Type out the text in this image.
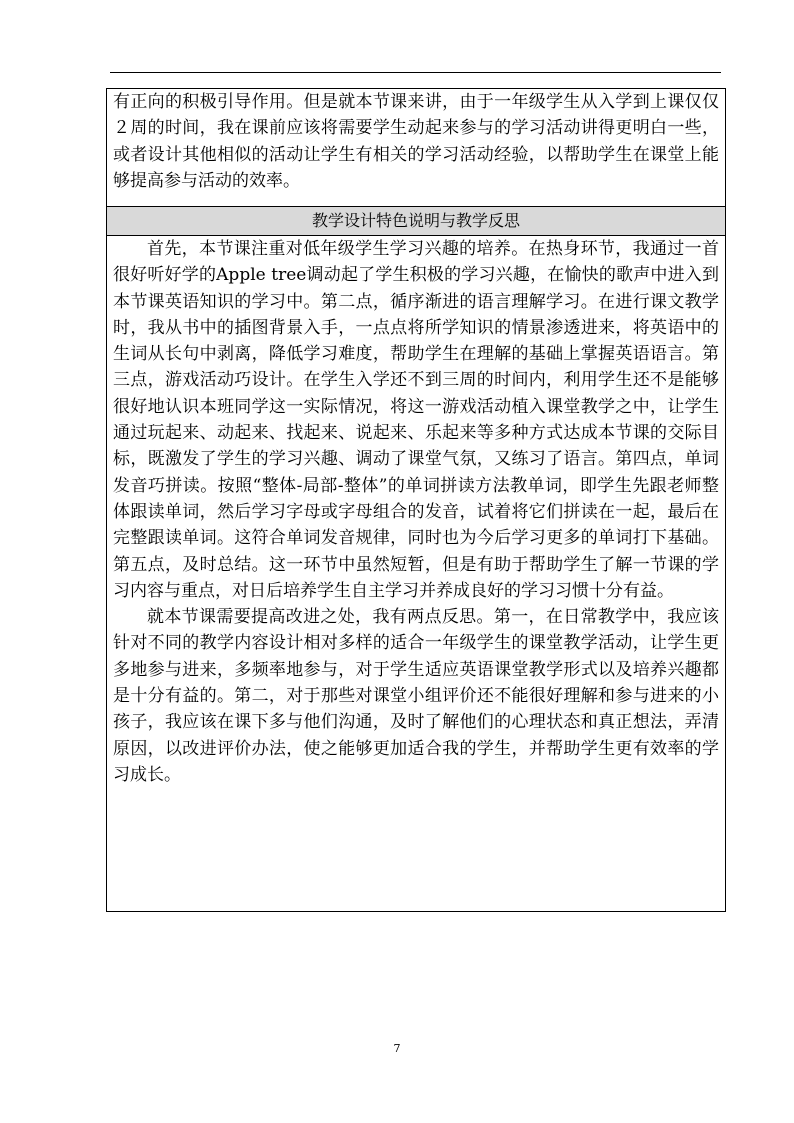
有正向的积极引导作用。但是就本节课来讲，由于一年级学生从入学到上课仅仅２周的时间，我在课前应该将需要学生动起来参与的学习活动讲得更明白一些，或者设计其他相似的活动让学生有相关的学习活动经验，以帮助学生在课堂上能够提高参与活动的效率。

教学设计特色说明与教学反思

首先，本节课注重对低年级学生学习兴趣的培养。在热身环节，我通过一首很好听好学的Apple tree调动起了学生积极的学习兴趣，在愉快的歌声中进入到本节课英语知识的学习中。第二点，循序渐进的语言理解学习。在进行课文教学时，我从书中的插图背景入手，一点点将所学知识的情景渗透进来，将英语中的生词从长句中剥离，降低学习难度，帮助学生在理解的基础上掌握英语语言。第三点，游戏活动巧设计。在学生入学还不到三周的时间内，利用学生还不是能够很好地认识本班同学这一实际情况，将这一游戏活动植入课堂教学之中，让学生通过玩起来、动起来、找起来、说起来、乐起来等多种方式达成本节课的交际目标，既激发了学生的学习兴趣、调动了课堂气氛，又练习了语言。第四点，单词发音巧拼读。按照“整体-局部-整体”的单词拼读方法教单词，即学生先跟老师整体跟读单词，然后学习字母或字母组合的发音，试着将它们拼读在一起，最后在完整跟读单词。这符合单词发音规律，同时也为今后学习更多的单词打下基础。第五点，及时总结。这一环节中虽然短暂，但是有助于帮助学生了解一节课的学习内容与重点，对日后培养学生自主学习并养成良好的学习习惯十分有益。

就本节课需要提高改进之处，我有两点反思。第一，在日常教学中，我应该针对不同的教学内容设计相对多样的适合一年级学生的课堂教学活动，让学生更多地参与进来，多频率地参与，对于学生适应英语课堂教学形式以及培养兴趣都是十分有益的。第二，对于那些对课堂小组评价还不能很好理解和参与进来的小孩子，我应该在课下多与他们沟通，及时了解他们的心理状态和真正想法，弄清原因，以改进评价办法，使之能够更加适合我的学生，并帮助学生更有效率的学习成长。

7
